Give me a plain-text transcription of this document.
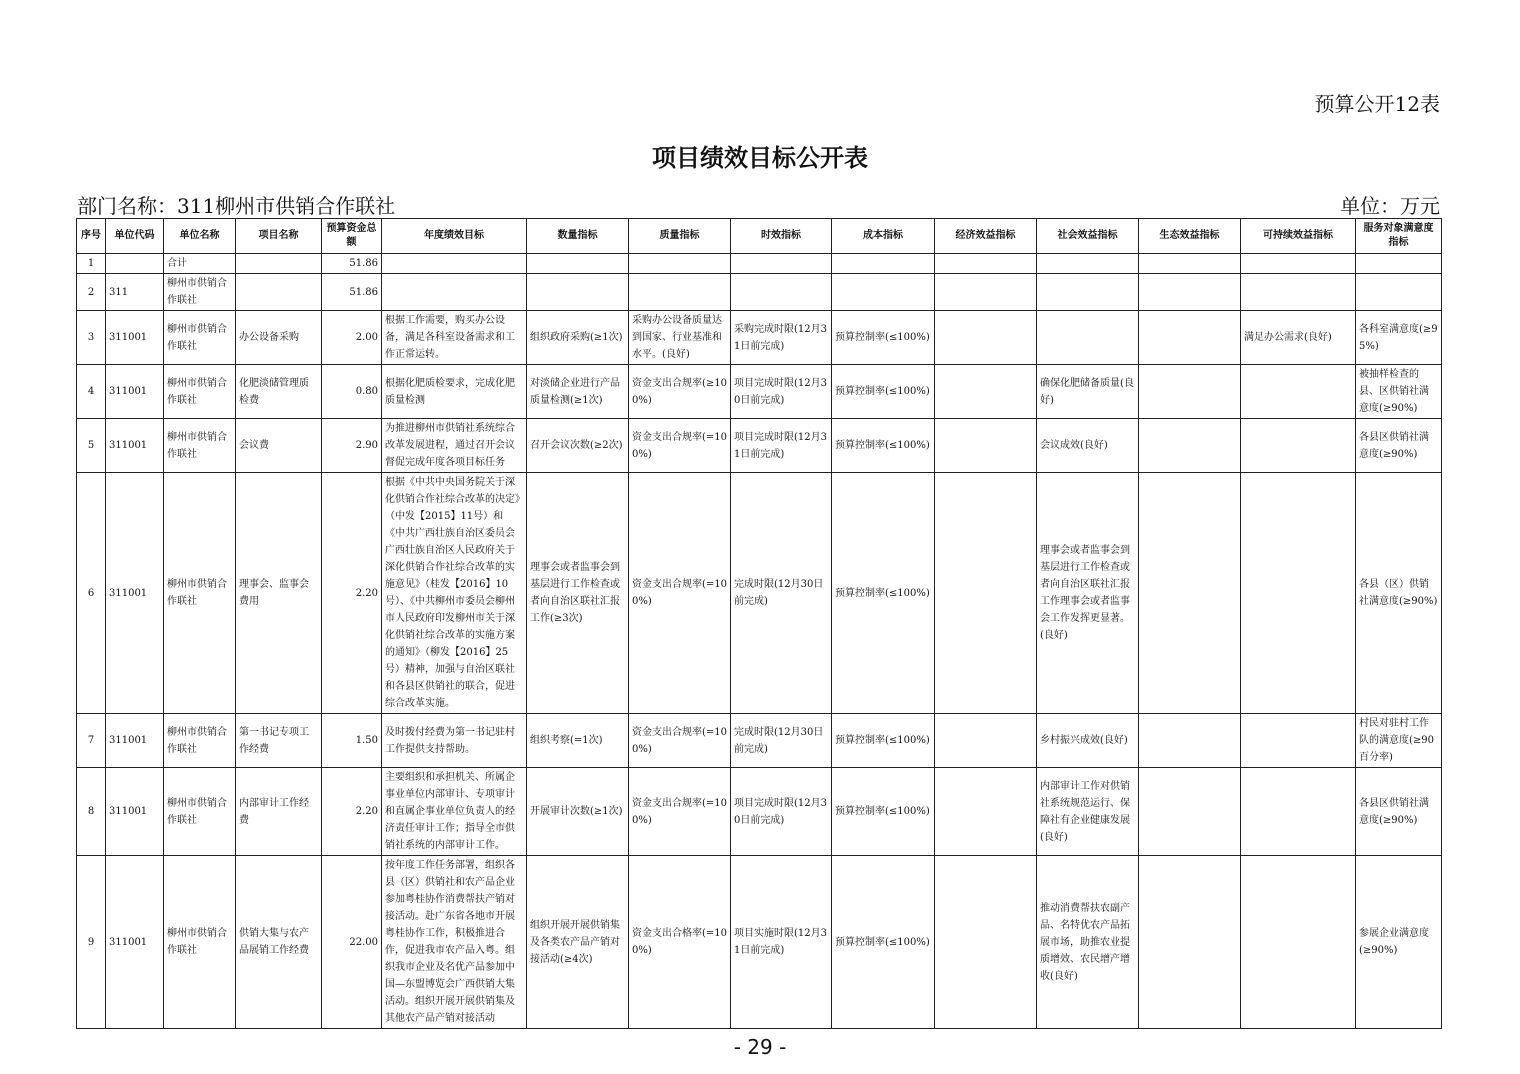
预算公开12表
项目绩效目标公开表
部门名称：311柳州市供销合作联社	单位：万元
序号	单位代码	单位名称	项目名称	预算资金总额	年度绩效目标	数量指标	质量指标	时效指标	成本指标	经济效益指标	社会效益指标	生态效益指标	可持续效益指标	服务对象满意度指标
1		合计		51.86										
2	311	柳州市供销合作联社		51.86										
3	311001	柳州市供销合作联社	办公设备采购	2.00	根据工作需要，购买办公设备，满足各科室设备需求和工作正常运转。	组织政府采购(≥1次)	采购办公设备质量达到国家、行业基准和水平。(良好)	采购完成时限(12月31日前完成)	预算控制率(≤100%)				满足办公需求(良好)	各科室满意度(≥95%)
4	311001	柳州市供销合作联社	化肥淡储管理质检费	0.80	根据化肥质检要求，完成化肥质量检测	对淡储企业进行产品质量检测(≥1次)	资金支出合规率(≥100%)	项目完成时限(12月30日前完成)	预算控制率(≤100%)		确保化肥储备质量(良好)			被抽样检查的县、区供销社满意度(≥90%)
5	311001	柳州市供销合作联社	会议费	2.90	为推进柳州市供销社系统综合改革发展进程，通过召开会议督促完成年度各项目标任务	召开会议次数(≥2次)	资金支出合规率(=100%)	项目完成时限(12月31日前完成)	预算控制率(≤100%)		会议成效(良好)			各县区供销社满意度(≥90%)
6	311001	柳州市供销合作联社	理事会、监事会费用	2.20	根据《中共中央国务院关于深化供销合作社综合改革的决定》（中发【2015】11号）和《中共广西壮族自治区委员会广西壮族自治区人民政府关于深化供销合作社综合改革的实施意见》（桂发【2016】10号）、《中共柳州市委员会柳州市人民政府印发柳州市关于深化供销社综合改革的实施方案的通知》（柳发【2016】25号）精神，加强与自治区联社和各县区供销社的联合，促进综合改革实施。	理事会或者监事会到基层进行工作检查或者向自治区联社汇报工作(≥3次)	资金支出合规率(=100%)	完成时限(12月30日前完成)	预算控制率(≤100%)		理事会或者监事会到基层进行工作检查或者向自治区联社汇报工作理事会或者监事会工作发挥更显著。(良好)			各县（区）供销社满意度(≥90%)
7	311001	柳州市供销合作联社	第一书记专项工作经费	1.50	及时拨付经费为第一书记驻村工作提供支持帮助。	组织考察(=1次)	资金支出合规率(=100%)	完成时限(12月30日前完成)	预算控制率(≤100%)		乡村振兴成效(良好)			村民对驻村工作队的满意度(≥90百分率)
8	311001	柳州市供销合作联社	内部审计工作经费	2.20	主要组织和承担机关、所属企事业单位内部审计、专项审计和直属企事业单位负责人的经济责任审计工作；指导全市供销社系统的内部审计工作。	开展审计次数(≥1次)	资金支出合规率(=100%)	项目完成时限(12月30日前完成)	预算控制率(≤100%)		内部审计工作对供销社系统规范运行、保障社有企业健康发展(良好)			各县区供销社满意度(≥90%)
9	311001	柳州市供销合作联社	供销大集与农产品展销工作经费	22.00	按年度工作任务部署，组织各县（区）供销社和农产品企业参加粤桂协作消费帮扶产销对接活动。赴广东省各地市开展粤桂协作工作，积极推进合作，促进我市农产品入粤。组织我市企业及名优产品参加中国—东盟博览会广西供销大集活动。组织开展开展供销集及其他农产品产销对接活动	组织开展开展供销集及各类农产品产销对接活动(≥4次)	资金支出合格率(=100%)	项目实施时限(12月31日前完成)	预算控制率(≤100%)		推动消费帮扶农副产品、名特优农产品拓展市场，助推农业提质增效、农民增产增收(良好)			参展企业满意度(≥90%)
- 29 -
